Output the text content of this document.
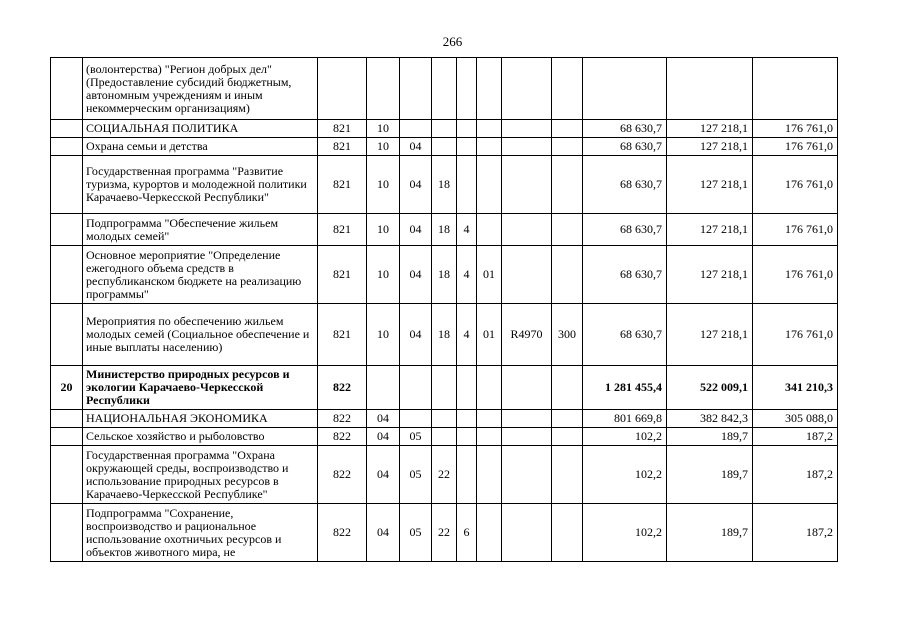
266
	(волонтерства) "Регион добрых дел" (Предоставление субсидий бюджетным, автономным учреждениям и иным некоммерческим организациям)											
	СОЦИАЛЬНАЯ ПОЛИТИКА	821	10							68 630,7	127 218,1	176 761,0
	Охрана семьи и детства	821	10	04						68 630,7	127 218,1	176 761,0
	Государственная программа "Развитие туризма, курортов и молодежной политики Карачаево-Черкесской Республики"	821	10	04	18					68 630,7	127 218,1	176 761,0
	Подпрограмма "Обеспечение жильем молодых семей"	821	10	04	18	4				68 630,7	127 218,1	176 761,0
	Основное мероприятие "Определение ежегодного объема средств в республиканском бюджете на реализацию программы"	821	10	04	18	4	01			68 630,7	127 218,1	176 761,0
	Мероприятия по обеспечению жильем молодых семей (Социальное обеспечение и иные выплаты населению)	821	10	04	18	4	01	R4970	300	68 630,7	127 218,1	176 761,0
20	Министерство природных ресурсов и экологии Карачаево-Черкесской Республики	822								1 281 455,4	522 009,1	341 210,3
	НАЦИОНАЛЬНАЯ ЭКОНОМИКА	822	04							801 669,8	382 842,3	305 088,0
	Сельское хозяйство и рыболовство	822	04	05						102,2	189,7	187,2
	Государственная программа "Охрана окружающей среды, воспроизводство и использование природных ресурсов в Карачаево-Черкесской Республике"	822	04	05	22					102,2	189,7	187,2
	Подпрограмма "Сохранение, воспроизводство и рациональное использование охотничьих ресурсов и объектов животного мира, не	822	04	05	22	6				102,2	189,7	187,2
